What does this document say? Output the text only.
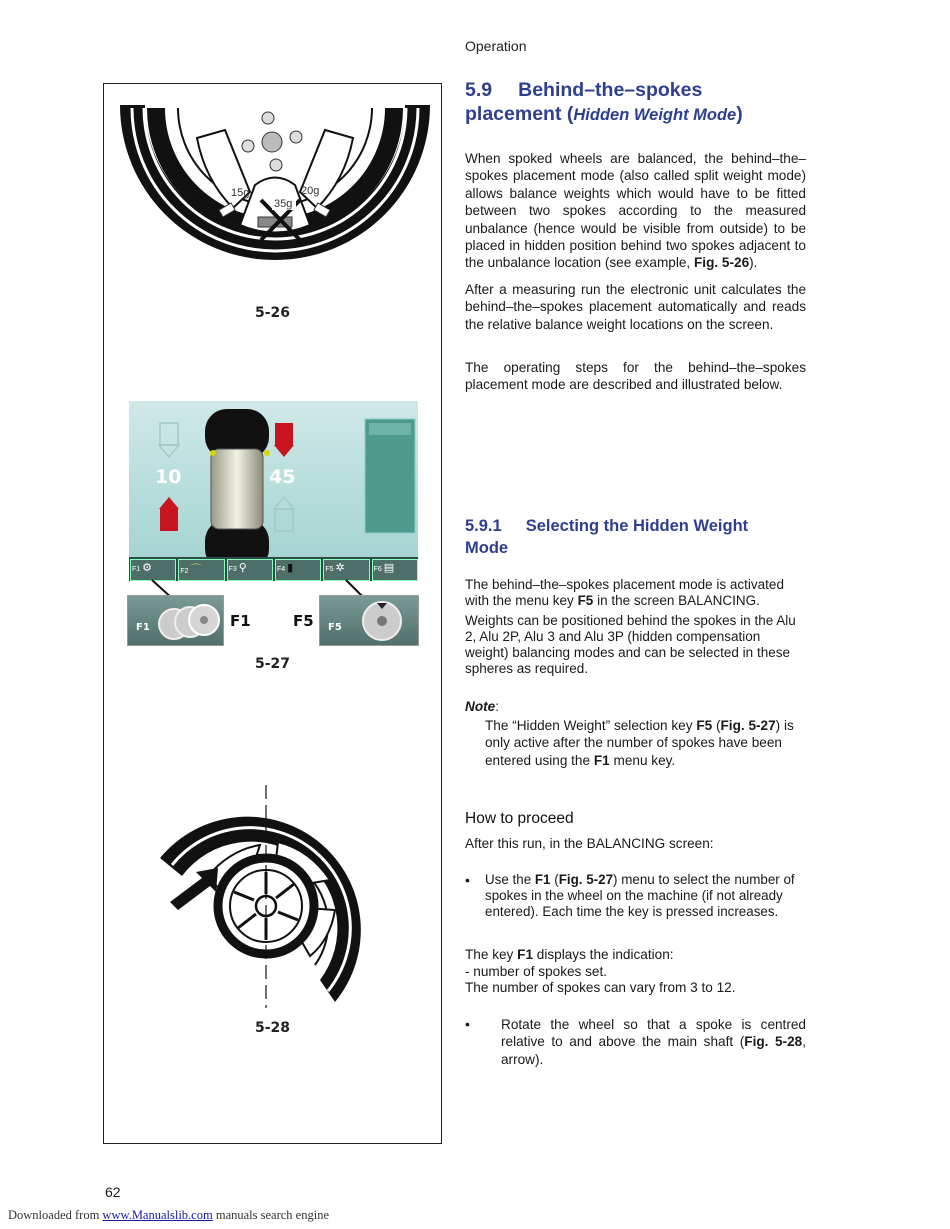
Operation
15g	20g
35g
5-26
10	45
F1 ⚙	F2 ⌒	F3 ⚲	F4 ▮	F5 ✲	F6 ▤
F1	F1	F5 F5
5-27
5-28
5.9 Behind–the–spokes
placement (Hidden Weight Mode)
When spoked wheels are balanced, the behind–the–spokes placement mode (also called split weight mode) allows balance weights which would have to be fitted between two spokes according to the measured unbalance (hence would be visible from outside) to be placed in hidden position behind two spokes adjacent to the unbalance location (see example, Fig. 5-26).
After a measuring run the electronic unit calculates the behind–the–spokes placement automatically and reads the relative balance weight locations on the screen.
The operating steps for the behind–the–spokes placement mode are described and illustrated below.
5.9.1 Selecting the Hidden Weight
Mode
The behind–the–spokes placement mode is activated with the menu key F5 in the screen BALANCING.
Weights can be positioned behind the spokes in the Alu 2, Alu 2P, Alu 3 and Alu 3P (hidden compensation weight) balancing modes and can be selected in these spheres as required.
Note:
The “Hidden Weight” selection key F5 (Fig. 5-27) is only active after the number of spokes have been entered using the F1 menu key.
How to proceed
After this run, in the BALANCING screen:
• Use the F1 (Fig. 5-27) menu to select the number of spokes in the wheel on the machine (if not already entered). Each time the key is pressed increases.
The key F1 displays the indication:
- number of spokes set.
The number of spokes can vary from 3 to 12.
• Rotate the wheel so that a spoke is centred relative to and above the main shaft (Fig. 5-28, arrow).
62
Downloaded from www.Manualslib.com manuals search engine
